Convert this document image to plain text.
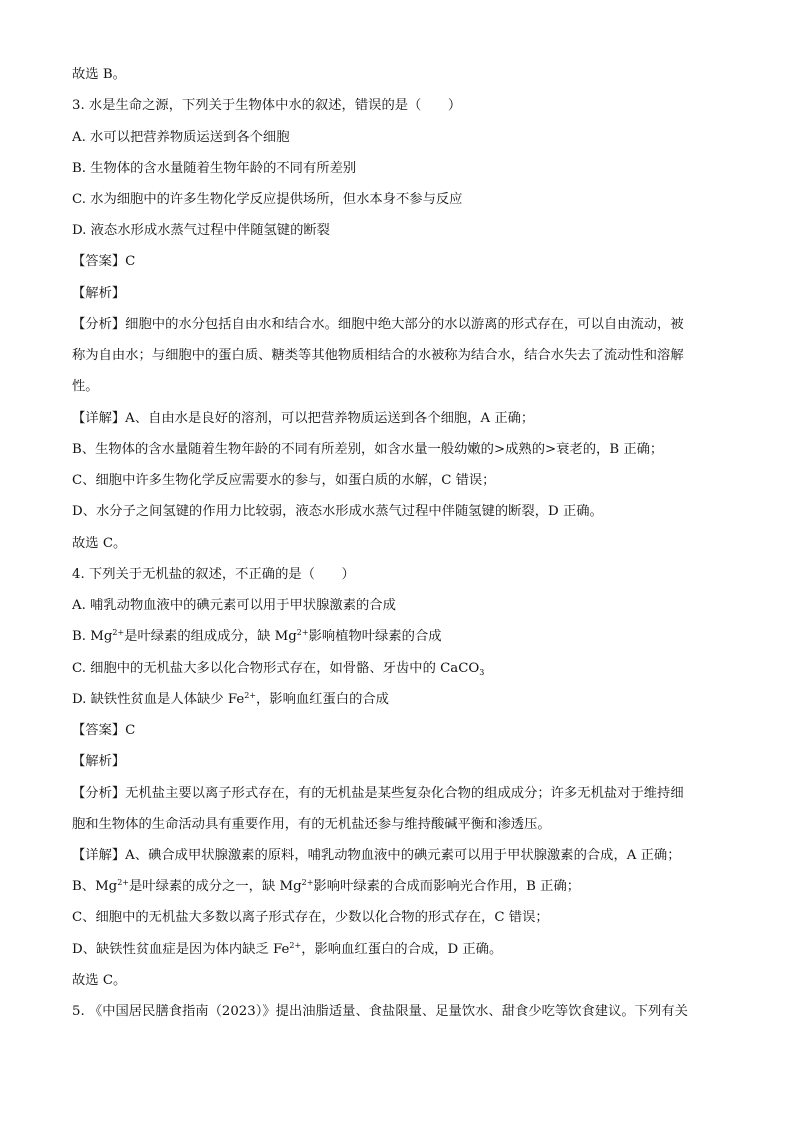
故选 B。
3. 水是生命之源，下列关于生物体中水的叙述，错误的是（　　）
A. 水可以把营养物质运送到各个细胞
B. 生物体的含水量随着生物年龄的不同有所差别
C. 水为细胞中的许多生物化学反应提供场所，但水本身不参与反应
D. 液态水形成水蒸气过程中伴随氢键的断裂
【答案】C
【解析】
【分析】细胞中的水分包括自由水和结合水。细胞中绝大部分的水以游离的形式存在，可以自由流动，被
称为自由水；与细胞中的蛋白质、糖类等其他物质相结合的水被称为结合水，结合水失去了流动性和溶解
性。
【详解】A、自由水是良好的溶剂，可以把营养物质运送到各个细胞，A 正确；
B、生物体的含水量随着生物年龄的不同有所差别，如含水量一般幼嫩的>成熟的>衰老的，B 正确；
C、细胞中许多生物化学反应需要水的参与，如蛋白质的水解，C 错误；
D、水分子之间氢键的作用力比较弱，液态水形成水蒸气过程中伴随氢键的断裂，D 正确。
故选 C。
4. 下列关于无机盐的叙述，不正确的是（　　）
A. 哺乳动物血液中的碘元素可以用于甲状腺激素的合成
B. $Mg^{2+}$是叶绿素的组成成分，缺 $Mg^{2+}$影响植物叶绿素的合成
C. 细胞中的无机盐大多以化合物形式存在，如骨骼、牙齿中的 CaCO$_3$
D. 缺铁性贫血是人体缺少 $Fe^{2+}$，影响血红蛋白的合成
【答案】C
【解析】
【分析】无机盐主要以离子形式存在，有的无机盐是某些复杂化合物的组成成分；许多无机盐对于维持细
胞和生物体的生命活动具有重要作用，有的无机盐还参与维持酸碱平衡和渗透压。
【详解】A、碘合成甲状腺激素的原料，哺乳动物血液中的碘元素可以用于甲状腺激素的合成，A 正确；
B、$Mg^{2+}$是叶绿素的成分之一，缺 $Mg^{2+}$影响叶绿素的合成而影响光合作用，B 正确；
C、细胞中的无机盐大多数以离子形式存在，少数以化合物的形式存在，C 错误；
D、缺铁性贫血症是因为体内缺乏 $Fe^{2+}$，影响血红蛋白的合成，D 正确。
故选 C。
5. 《中国居民膳食指南（2023）》提出油脂适量、食盐限量、足量饮水、甜食少吃等饮食建议。下列有关
